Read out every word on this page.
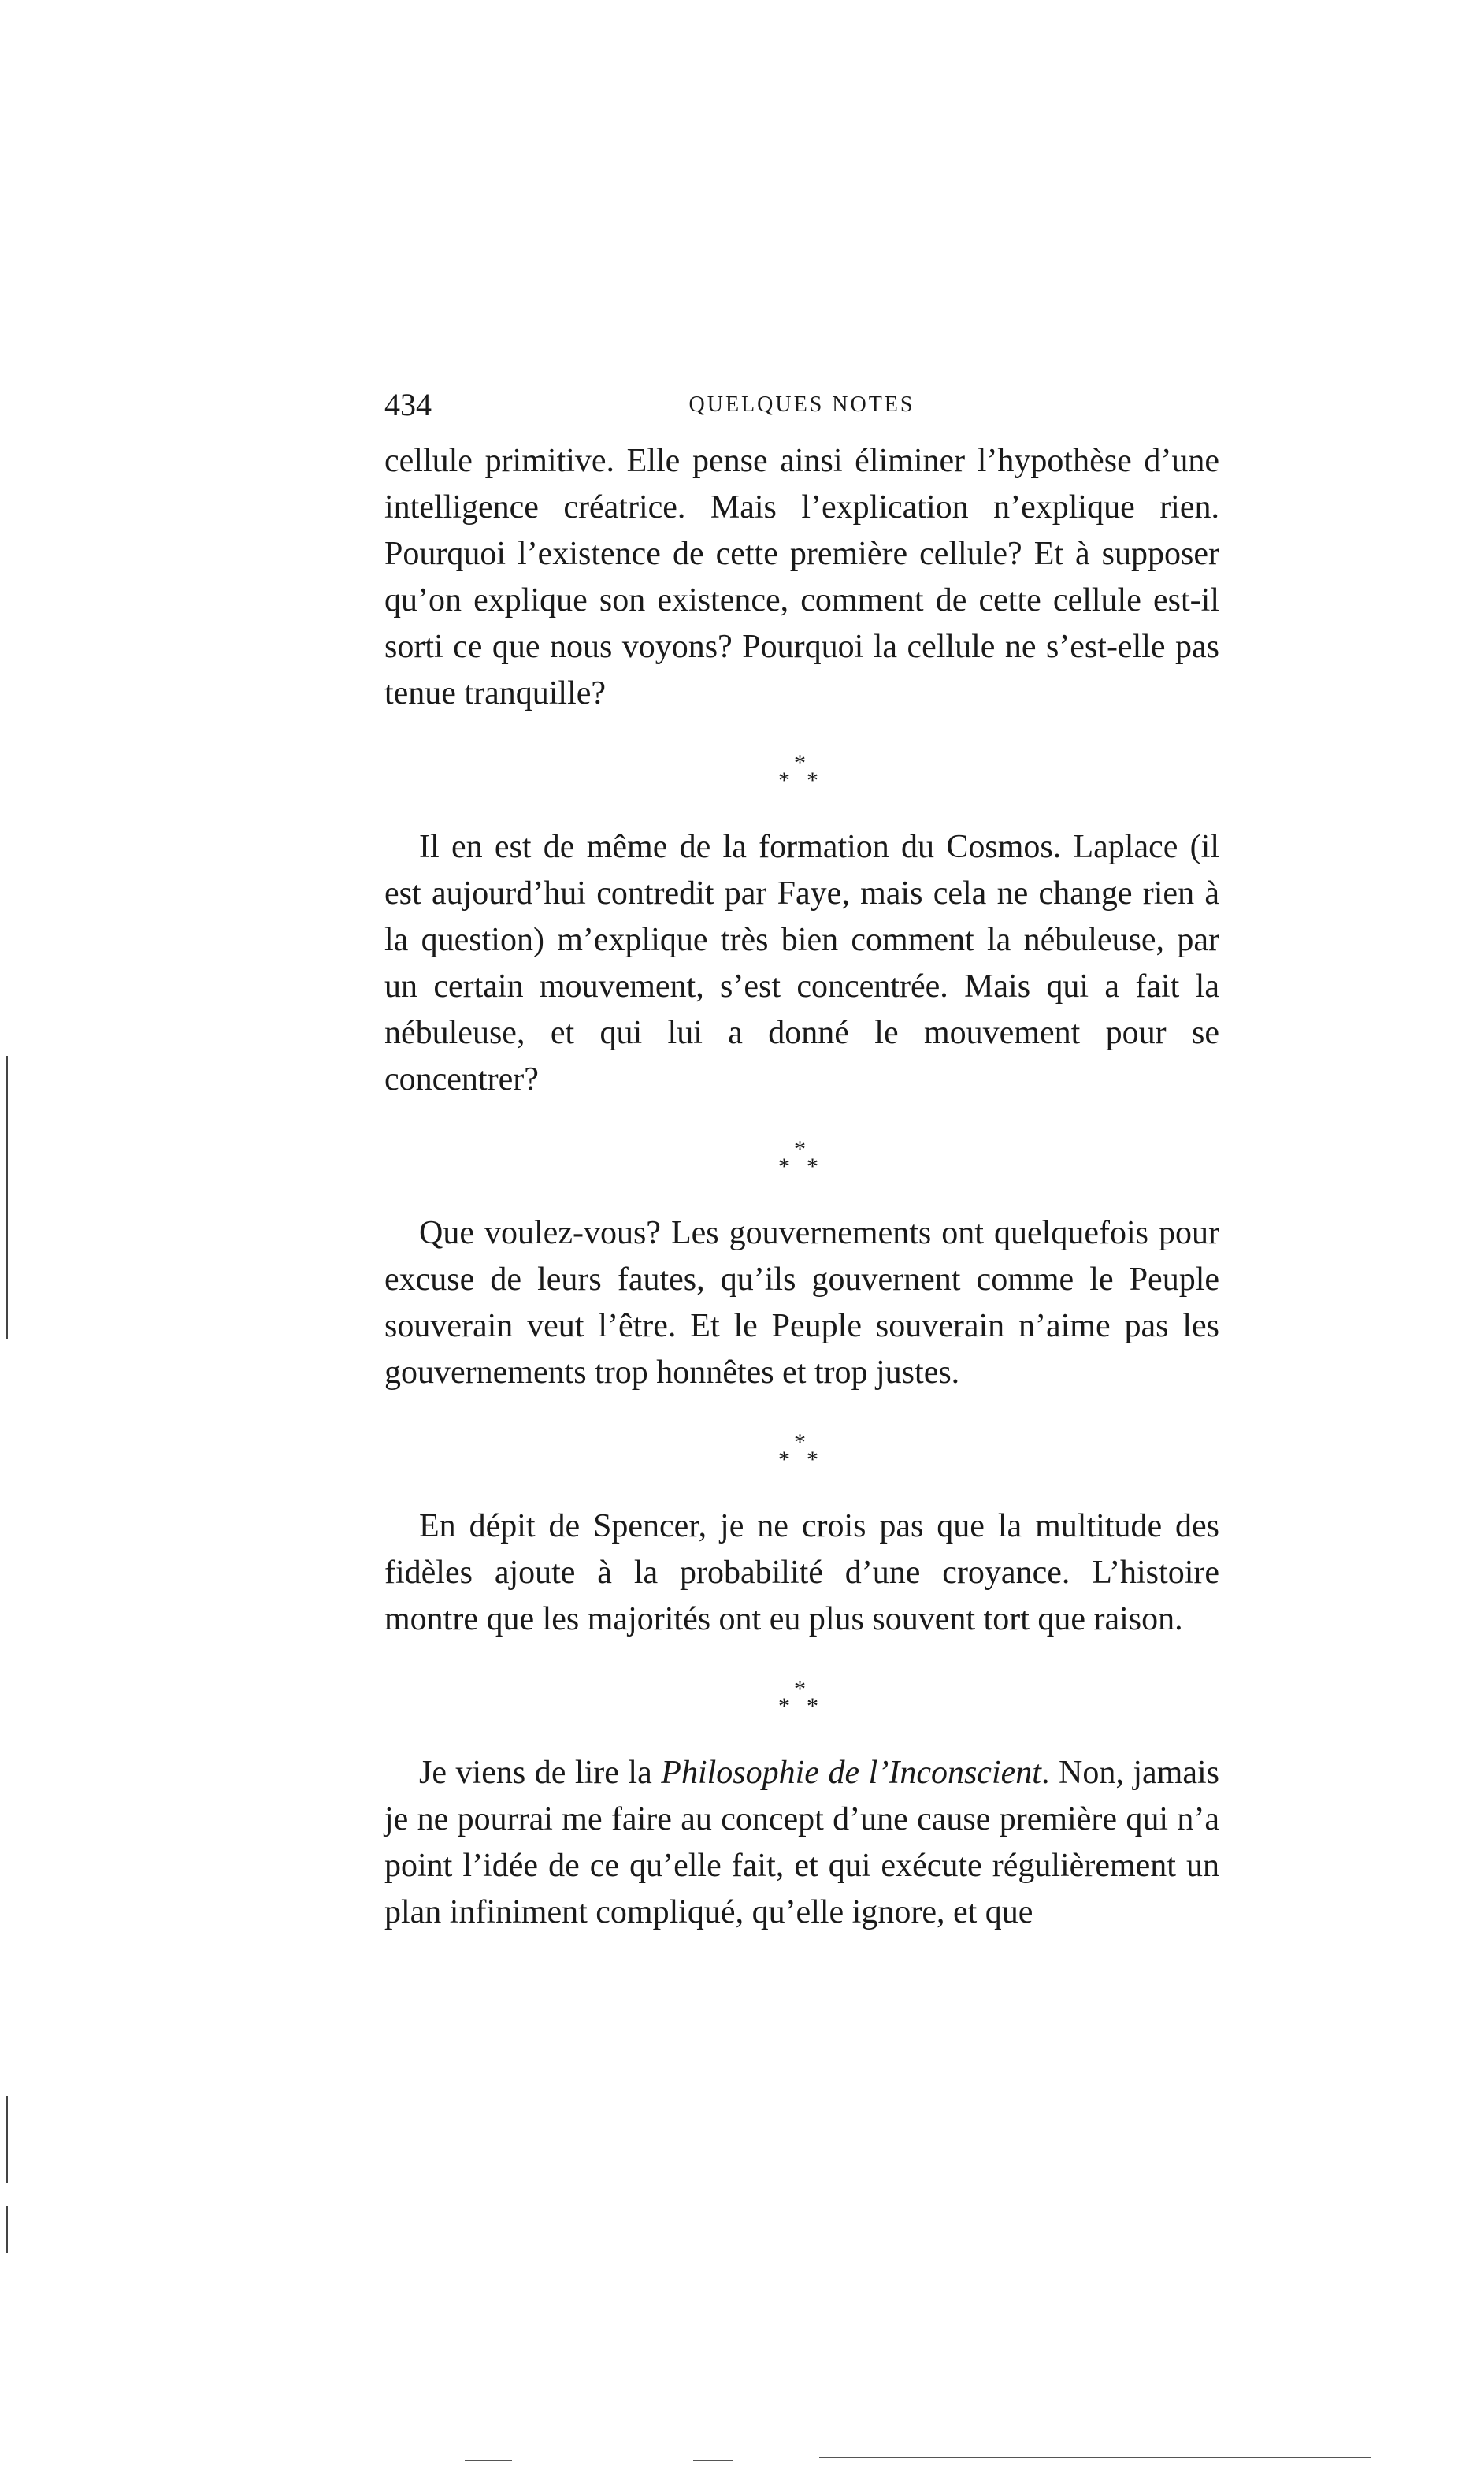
434	QUELQUES NOTES

cellule primitive. Elle pense ainsi éliminer l’hypothèse d’une intelligence créatrice. Mais l’explication n’explique rien. Pourquoi l’existence de cette première cellule? Et à supposer qu’on explique son existence, comment de cette cellule est-il sorti ce que nous voyons? Pourquoi la cellule ne s’est-elle pas tenue tranquille?

*
* *

Il en est de même de la formation du Cosmos. Laplace (il est aujourd’hui contredit par Faye, mais cela ne change rien à la question) m’explique très bien comment la nébuleuse, par un certain mouvement, s’est concentrée. Mais qui a fait la nébuleuse, et qui lui a donné le mouvement pour se concentrer?

*
* *

Que voulez-vous? Les gouvernements ont quelquefois pour excuse de leurs fautes, qu’ils gouvernent comme le Peuple souverain veut l’être. Et le Peuple souverain n’aime pas les gouvernements trop honnêtes et trop justes.

*
* *

En dépit de Spencer, je ne crois pas que la multitude des fidèles ajoute à la probabilité d’une croyance. L’histoire montre que les majorités ont eu plus souvent tort que raison.

*
* *

Je viens de lire la Philosophie de l’Inconscient. Non, jamais je ne pourrai me faire au concept d’une cause première qui n’a point l’idée de ce qu’elle fait, et qui exécute régulièrement un plan infiniment compliqué, qu’elle ignore, et que
